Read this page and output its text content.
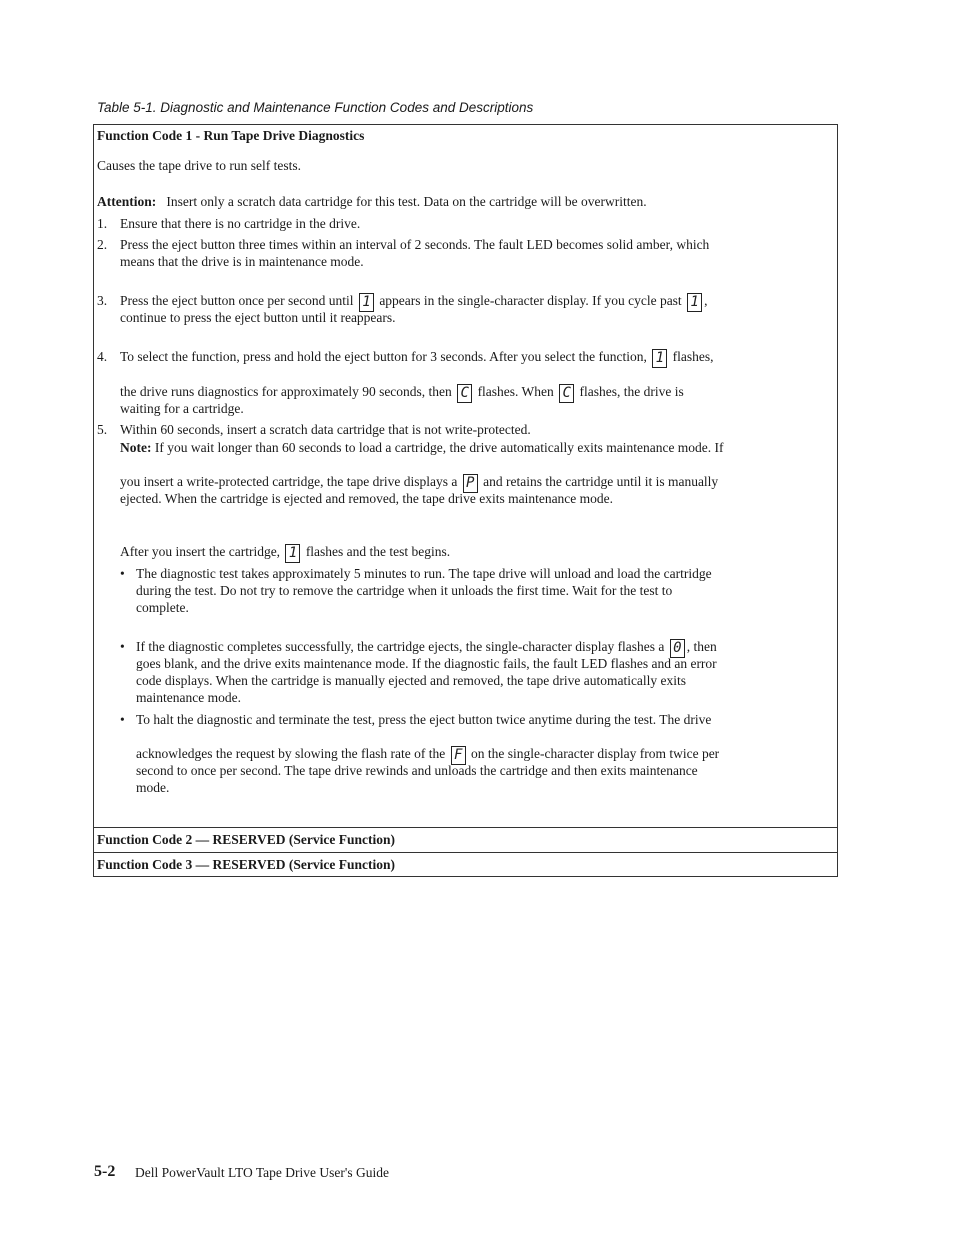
Table 5-1. Diagnostic and Maintenance Function Codes and Descriptions
Function Code 1 - Run Tape Drive Diagnostics
Causes the tape drive to run self tests.
Attention: Insert only a scratch data cartridge for this test. Data on the cartridge will be overwritten.
1. Ensure that there is no cartridge in the drive.
2. Press the eject button three times within an interval of 2 seconds. The fault LED becomes solid amber, which
means that the drive is in maintenance mode.
3. Press the eject button once per second until 1 appears in the single-character display. If you cycle past 1 ,
continue to press the eject button until it reappears.
4. To select the function, press and hold the eject button for 3 seconds. After you select the function, 1 flashes,
the drive runs diagnostics for approximately 90 seconds, then C flashes. When C flashes, the drive is
waiting for a cartridge.
5. Within 60 seconds, insert a scratch data cartridge that is not write-protected.
Note: If you wait longer than 60 seconds to load a cartridge, the drive automatically exits maintenance mode. If
you insert a write-protected cartridge, the tape drive displays a P and retains the cartridge until it is manually
ejected. When the cartridge is ejected and removed, the tape drive exits maintenance mode.
After you insert the cartridge, 1 flashes and the test begins.
• The diagnostic test takes approximately 5 minutes to run. The tape drive will unload and load the cartridge
during the test. Do not try to remove the cartridge when it unloads the first time. Wait for the test to
complete.
• If the diagnostic completes successfully, the cartridge ejects, the single-character display flashes a 0 , then
goes blank, and the drive exits maintenance mode. If the diagnostic fails, the fault LED flashes and an error
code displays. When the cartridge is manually ejected and removed, the tape drive automatically exits
maintenance mode.
• To halt the diagnostic and terminate the test, press the eject button twice anytime during the test. The drive
acknowledges the request by slowing the flash rate of the F on the single-character display from twice per
second to once per second. The tape drive rewinds and unloads the cartridge and then exits maintenance
mode.
Function Code 2 — RESERVED (Service Function)
Function Code 3 — RESERVED (Service Function)
5-2 Dell PowerVault LTO Tape Drive User's Guide
